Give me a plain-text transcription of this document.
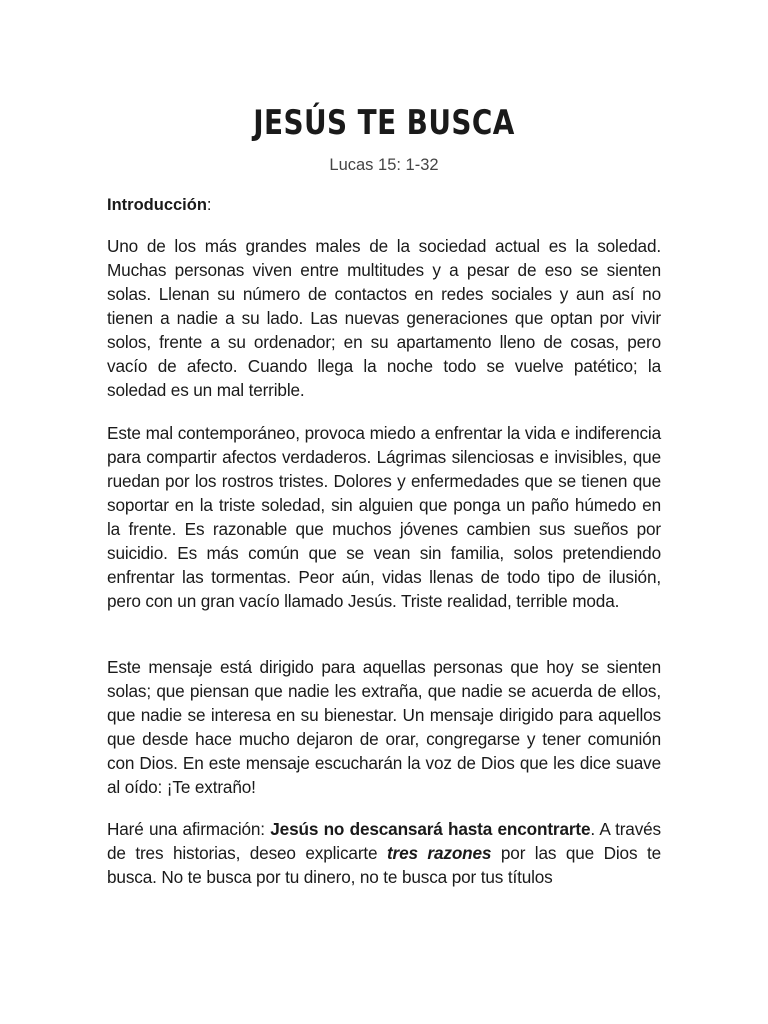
JESÚS TE BUSCA

Lucas 15: 1-32

Introducción:

Uno de los más grandes males de la sociedad actual es la soledad. Muchas personas viven entre multitudes y a pesar de eso se sienten solas. Llenan su número de contactos en redes sociales y aun así no tienen a nadie a su lado. Las nuevas generaciones que optan por vivir solos, frente a su ordenador; en su apartamento lleno de cosas, pero vacío de afecto. Cuando llega la noche todo se vuelve patético; la soledad es un mal terrible.

Este mal contemporáneo, provoca miedo a enfrentar la vida e indiferencia para compartir afectos verdaderos. Lágrimas silenciosas e invisibles, que ruedan por los rostros tristes. Dolores y enfermedades que se tienen que soportar en la triste soledad, sin alguien que ponga un paño húmedo en la frente. Es razonable que muchos jóvenes cambien sus sueños por suicidio. Es más común que se vean sin familia, solos pretendiendo enfrentar las tormentas. Peor aún, vidas llenas de todo tipo de ilusión, pero con un gran vacío llamado Jesús. Triste realidad, terrible moda.

Este mensaje está dirigido para aquellas personas que hoy se sienten solas; que piensan que nadie les extraña, que nadie se acuerda de ellos, que nadie se interesa en su bienestar. Un mensaje dirigido para aquellos que desde hace mucho dejaron de orar, congregarse y tener comunión con Dios. En este mensaje escucharán la voz de Dios que les dice suave al oído: ¡Te extraño!

Haré una afirmación: Jesús no descansará hasta encontrarte. A través de tres historias, deseo explicarte tres razones por las que Dios te busca. No te busca por tu dinero, no te busca por tus títulos
